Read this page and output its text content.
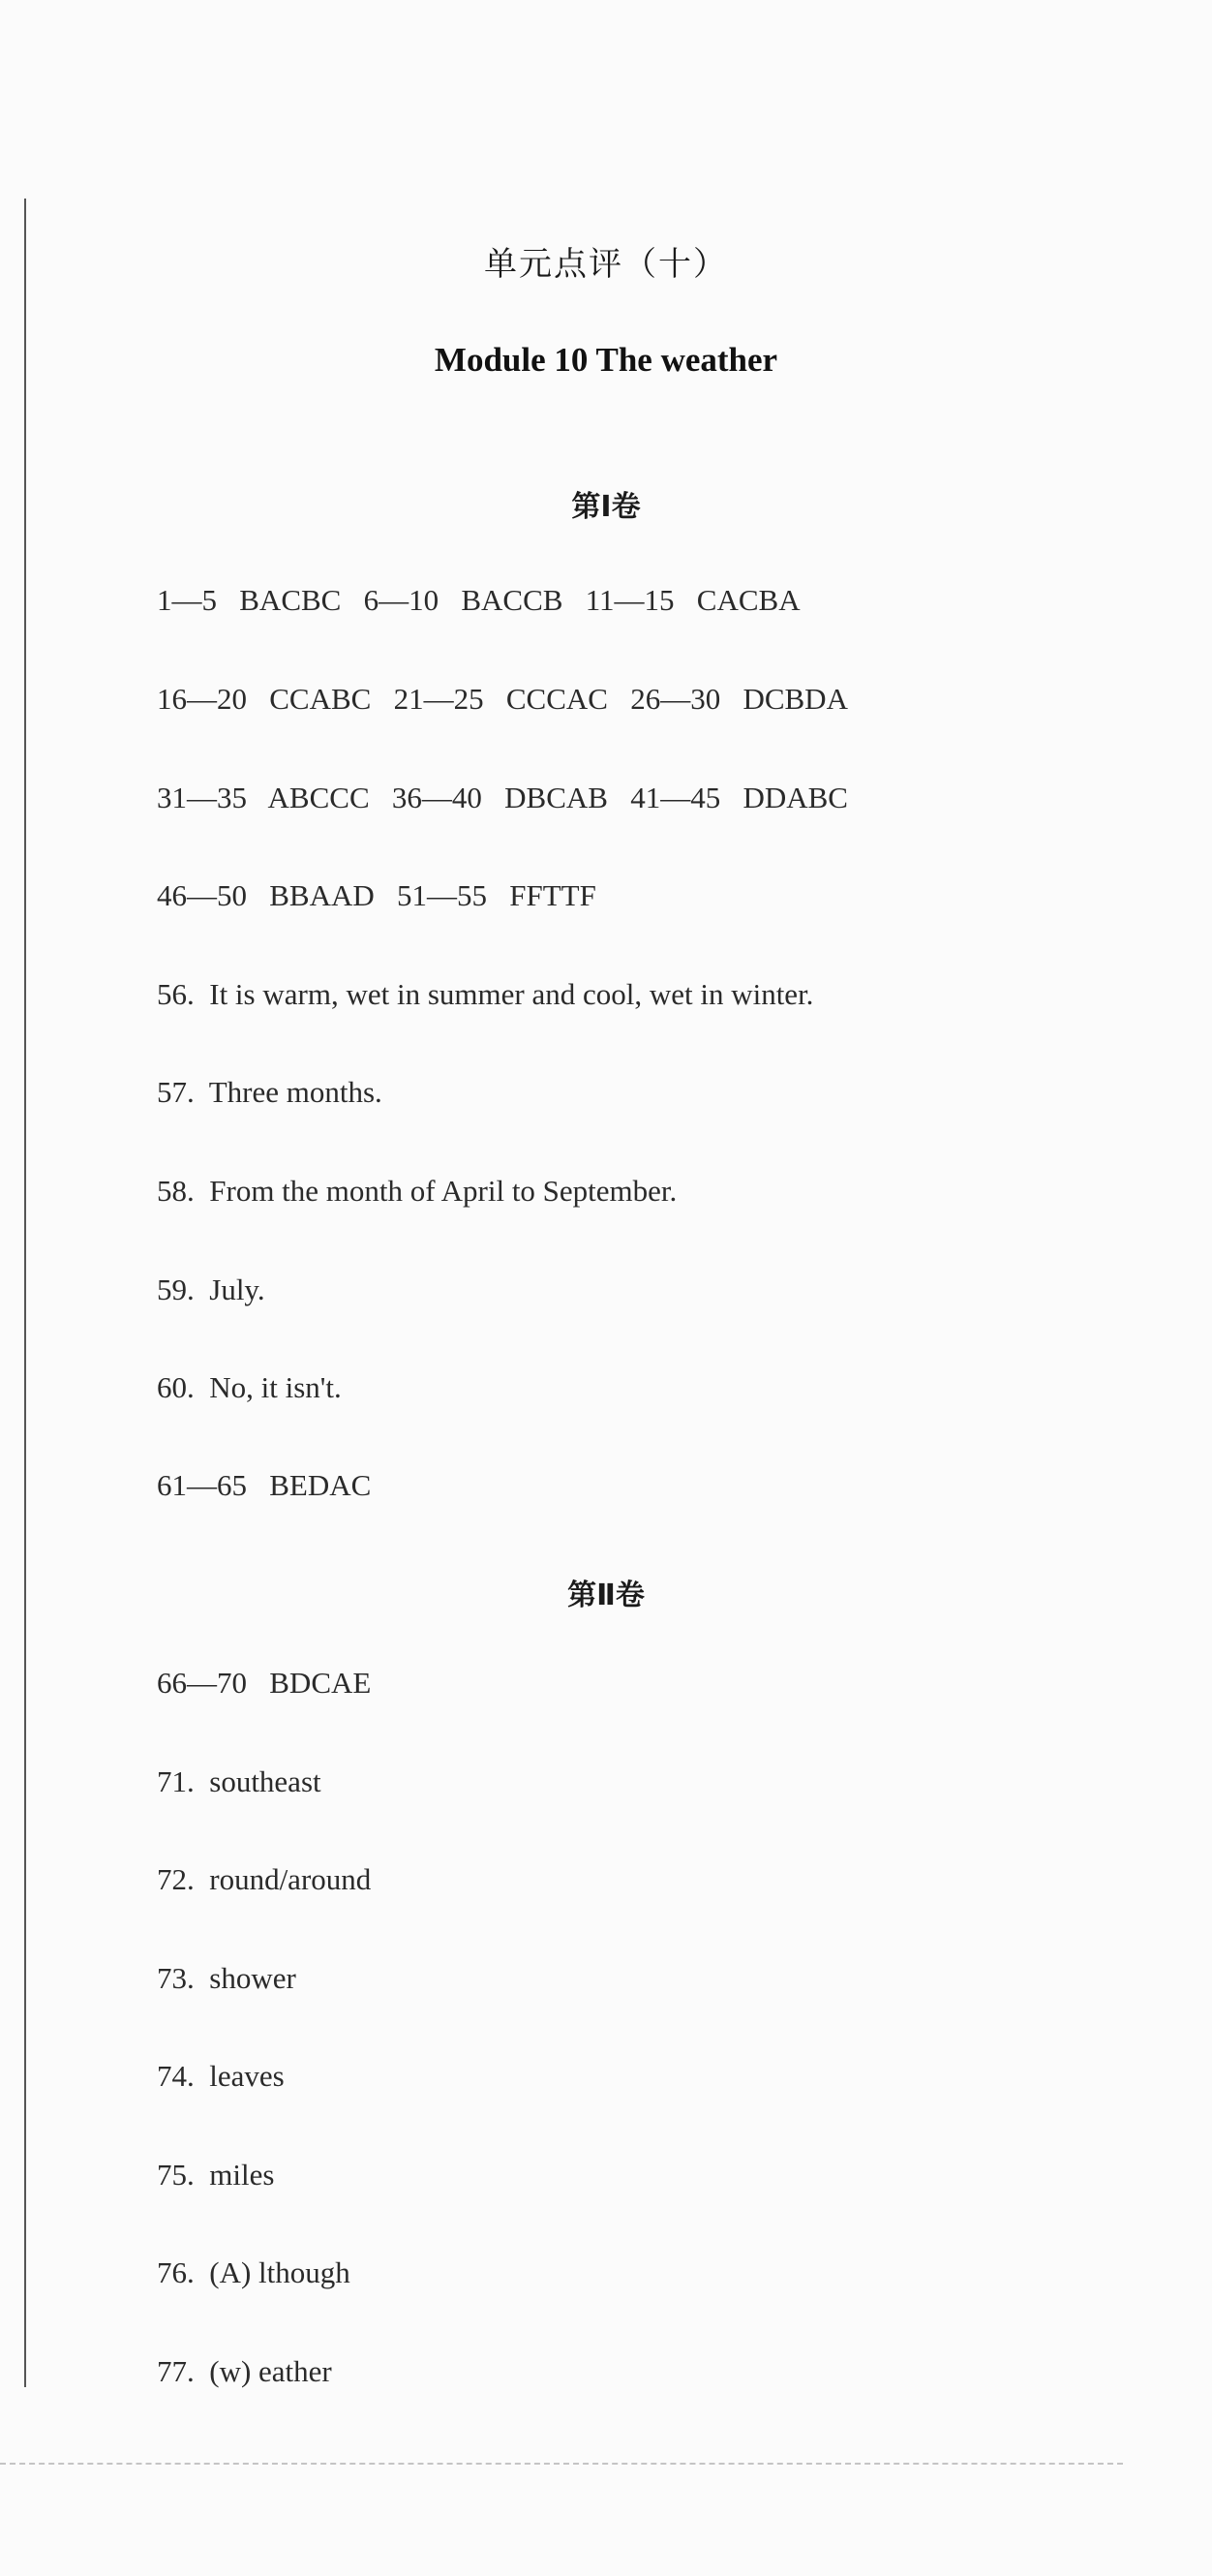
单元点评（十）
Module 10 The weather
第Ⅰ卷
1—5   BACBC   6—10   BACCB   11—15   CACBA
16—20   CCABC   21—25   CCCAC   26—30   DCBDA
31—35   ABCCC   36—40   DBCAB   41—45   DDABC
46—50   BBAAD   51—55   FFTTF
56.  It is warm, wet in summer and cool, wet in winter.
57.  Three months.
58.  From the month of April to September.
59.  July.
60.  No, it isn't.
61—65   BEDAC
第Ⅱ卷
66—70   BDCAE
71.  southeast
72.  round/around
73.  shower
74.  leaves
75.  miles
76.  (A) lthough
77.  (w) eather
